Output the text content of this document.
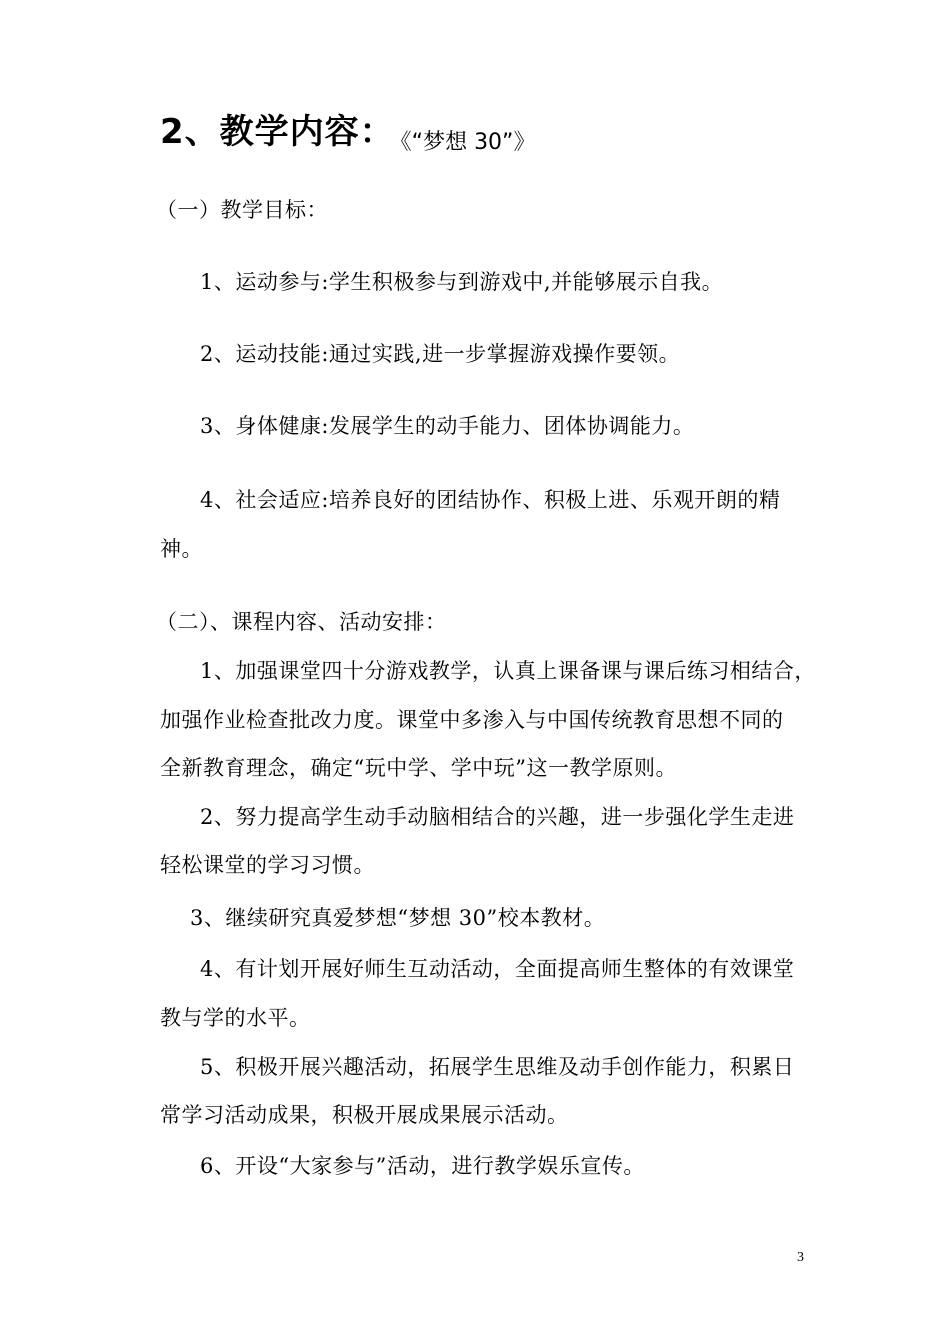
2、教学内容： 《“梦想 30”》
（一）教学目标：
1、运动参与:学生积极参与到游戏中,并能够展示自我。
2、运动技能:通过实践,进一步掌握游戏操作要领。
3、身体健康:发展学生的动手能力、团体协调能力。
4、社会适应:培养良好的团结协作、积极上进、乐观开朗的精
神。
（二）、课程内容、活动安排：
1、加强课堂四十分游戏教学，认真上课备课与课后练习相结合，
加强作业检查批改力度。课堂中多渗入与中国传统教育思想不同的
全新教育理念，确定“玩中学、学中玩”这一教学原则。
2、努力提高学生动手动脑相结合的兴趣，进一步强化学生走进
轻松课堂的学习习惯。
3、继续研究真爱梦想“梦想 30”校本教材。
4、有计划开展好师生互动活动，全面提高师生整体的有效课堂
教与学的水平。
5、积极开展兴趣活动，拓展学生思维及动手创作能力，积累日
常学习活动成果，积极开展成果展示活动。
6、开设“大家参与”活动，进行教学娱乐宣传。
3
